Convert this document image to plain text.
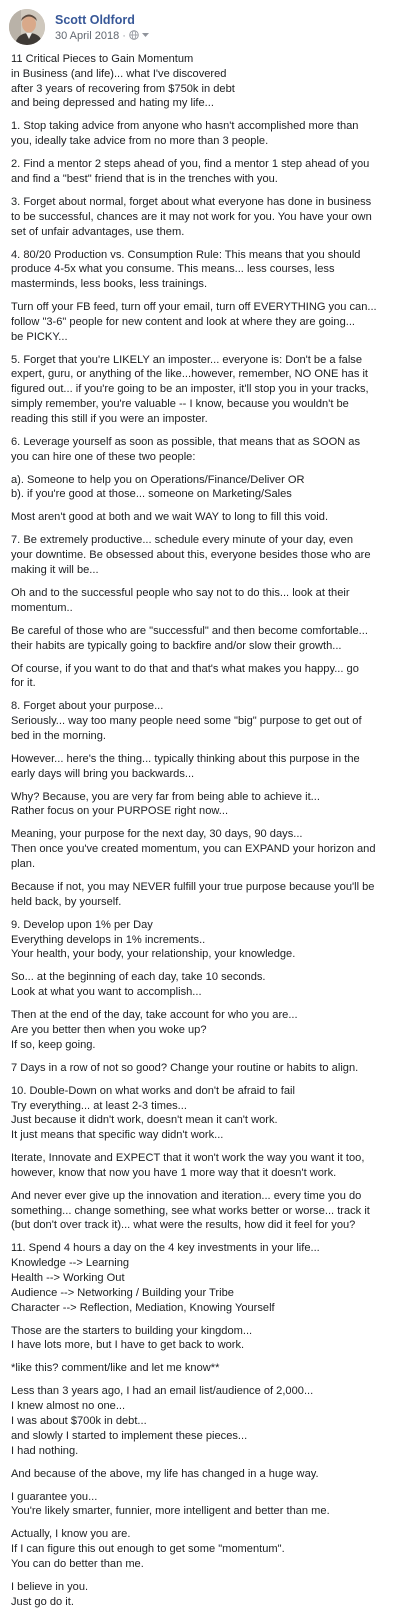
Scott Oldford
30 April 2018 ·
11 Critical Pieces to Gain Momentum
in Business (and life)... what I've discovered
after 3 years of recovering from $750k in debt
and being depressed and hating my life...
1. Stop taking advice from anyone who hasn't accomplished more than
you, ideally take advice from no more than 3 people.
2. Find a mentor 2 steps ahead of you, find a mentor 1 step ahead of you
and find a "best" friend that is in the trenches with you.
3. Forget about normal, forget about what everyone has done in business
to be successful, chances are it may not work for you. You have your own
set of unfair advantages, use them.
4. 80/20 Production vs. Consumption Rule: This means that you should
produce 4-5x what you consume. This means... less courses, less
masterminds, less books, less trainings.
Turn off your FB feed, turn off your email, turn off EVERYTHING you can...
follow "3-6" people for new content and look at where they are going...
be PICKY...
5. Forget that you're LIKELY an imposter... everyone is: Don't be a false
expert, guru, or anything of the like...however, remember, NO ONE has it
figured out... if you're going to be an imposter, it'll stop you in your tracks,
simply remember, you're valuable -- I know, because you wouldn't be
reading this still if you were an imposter.
6. Leverage yourself as soon as possible, that means that as SOON as
you can hire one of these two people:
a). Someone to help you on Operations/Finance/Deliver OR
b). if you're good at those... someone on Marketing/Sales
Most aren't good at both and we wait WAY to long to fill this void.
7. Be extremely productive... schedule every minute of your day, even
your downtime. Be obsessed about this, everyone besides those who are
making it will be...
Oh and to the successful people who say not to do this... look at their
momentum..
Be careful of those who are "successful" and then become comfortable...
their habits are typically going to backfire and/or slow their growth...
Of course, if you want to do that and that's what makes you happy... go
for it.
8. Forget about your purpose...
Seriously... way too many people need some "big" purpose to get out of
bed in the morning.
However... here's the thing... typically thinking about this purpose in the
early days will bring you backwards...
Why? Because, you are very far from being able to achieve it...
Rather focus on your PURPOSE right now...
Meaning, your purpose for the next day, 30 days, 90 days...
Then once you've created momentum, you can EXPAND your horizon and
plan.
Because if not, you may NEVER fulfill your true purpose because you'll be
held back, by yourself.
9. Develop upon 1% per Day
Everything develops in 1% increments..
Your health, your body, your relationship, your knowledge.
So... at the beginning of each day, take 10 seconds.
Look at what you want to accomplish...
Then at the end of the day, take account for who you are...
Are you better then when you woke up?
If so, keep going.
7 Days in a row of not so good? Change your routine or habits to align.
10. Double-Down on what works and don't be afraid to fail
Try everything... at least 2-3 times...
Just because it didn't work, doesn't mean it can't work.
It just means that specific way didn't work...
Iterate, Innovate and EXPECT that it won't work the way you want it too,
however, know that now you have 1 more way that it doesn't work.
And never ever give up the innovation and iteration... every time you do
something... change something, see what works better or worse... track it
(but don't over track it)... what were the results, how did it feel for you?
11. Spend 4 hours a day on the 4 key investments in your life...
Knowledge --> Learning
Health --> Working Out
Audience --> Networking / Building your Tribe
Character --> Reflection, Mediation, Knowing Yourself
Those are the starters to building your kingdom...
I have lots more, but I have to get back to work.
*like this? comment/like and let me know**
Less than 3 years ago, I had an email list/audience of 2,000...
I knew almost no one...
I was about $700k in debt...
and slowly I started to implement these pieces...
I had nothing.
And because of the above, my life has changed in a huge way.
I guarantee you...
You're likely smarter, funnier, more intelligent and better than me.
Actually, I know you are.
If I can figure this out enough to get some "momentum".
You can do better than me.
I believe in you.
Just go do it.
